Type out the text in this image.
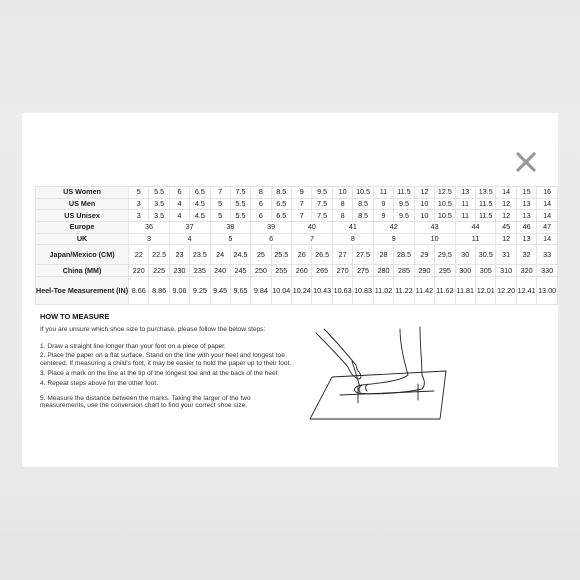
US Women	5	5.5	6	6.5	7	7.5	8	8.5	9	9.5	10	10.5	11	11.5	12	12.5	13	13.5	14	15	16
US Men	3	3.5	4	4.5	5	5.5	6	6.5	7	7.5	8	8.5	9	9.5	10	10.5	11	11.5	12	13	14
US Unisex	3	3.5	4	4.5	5	5.5	6	6.5	7	7.5	8	8.5	9	9.5	10	10.5	11	11.5	12	13	14
Europe	36		37		38		39		40		41		42		43		44		45	46	47
UK	3		4		5		6		7		8		9		10		11		12	13	14
Japan/Mexico (CM)	22	22.5	23	23.5	24	24.5	25	25.5	26	26.5	27	27.5	28	28.5	29	29.5	30	30.5	31	32	33
China (MM)	220	225	230	235	240	245	250	255	260	265	270	275	280	285	290	295	300	305	310	320	330
Heel-Toe Measurement (IN)	8.66	8.86	9.06	9.25	9.45	9.65	9.84	10.04	10.24	10.43	10.63	10.83	11.02	11.22	11.42	11.62	11.81	12.01	12.20	12.41	13.00
HOW TO MEASURE
If you are unsure which shoe size to purchase, please follow the below steps:
1. Draw a straight line longer than your foot on a piece of paper.
2. Place the paper on a flat surface. Stand on the line with your heel and longest toe centered. If measuring a child's foot, it may be easier to hold the paper up to their foot.
3. Place a mark on the line at the tip of the longest toe and at the back of the heel.
4. Repeat steps above for the other foot.
5. Measure the distance between the marks. Taking the larger of the two measurements, use the conversion chart to find your correct shoe size.
